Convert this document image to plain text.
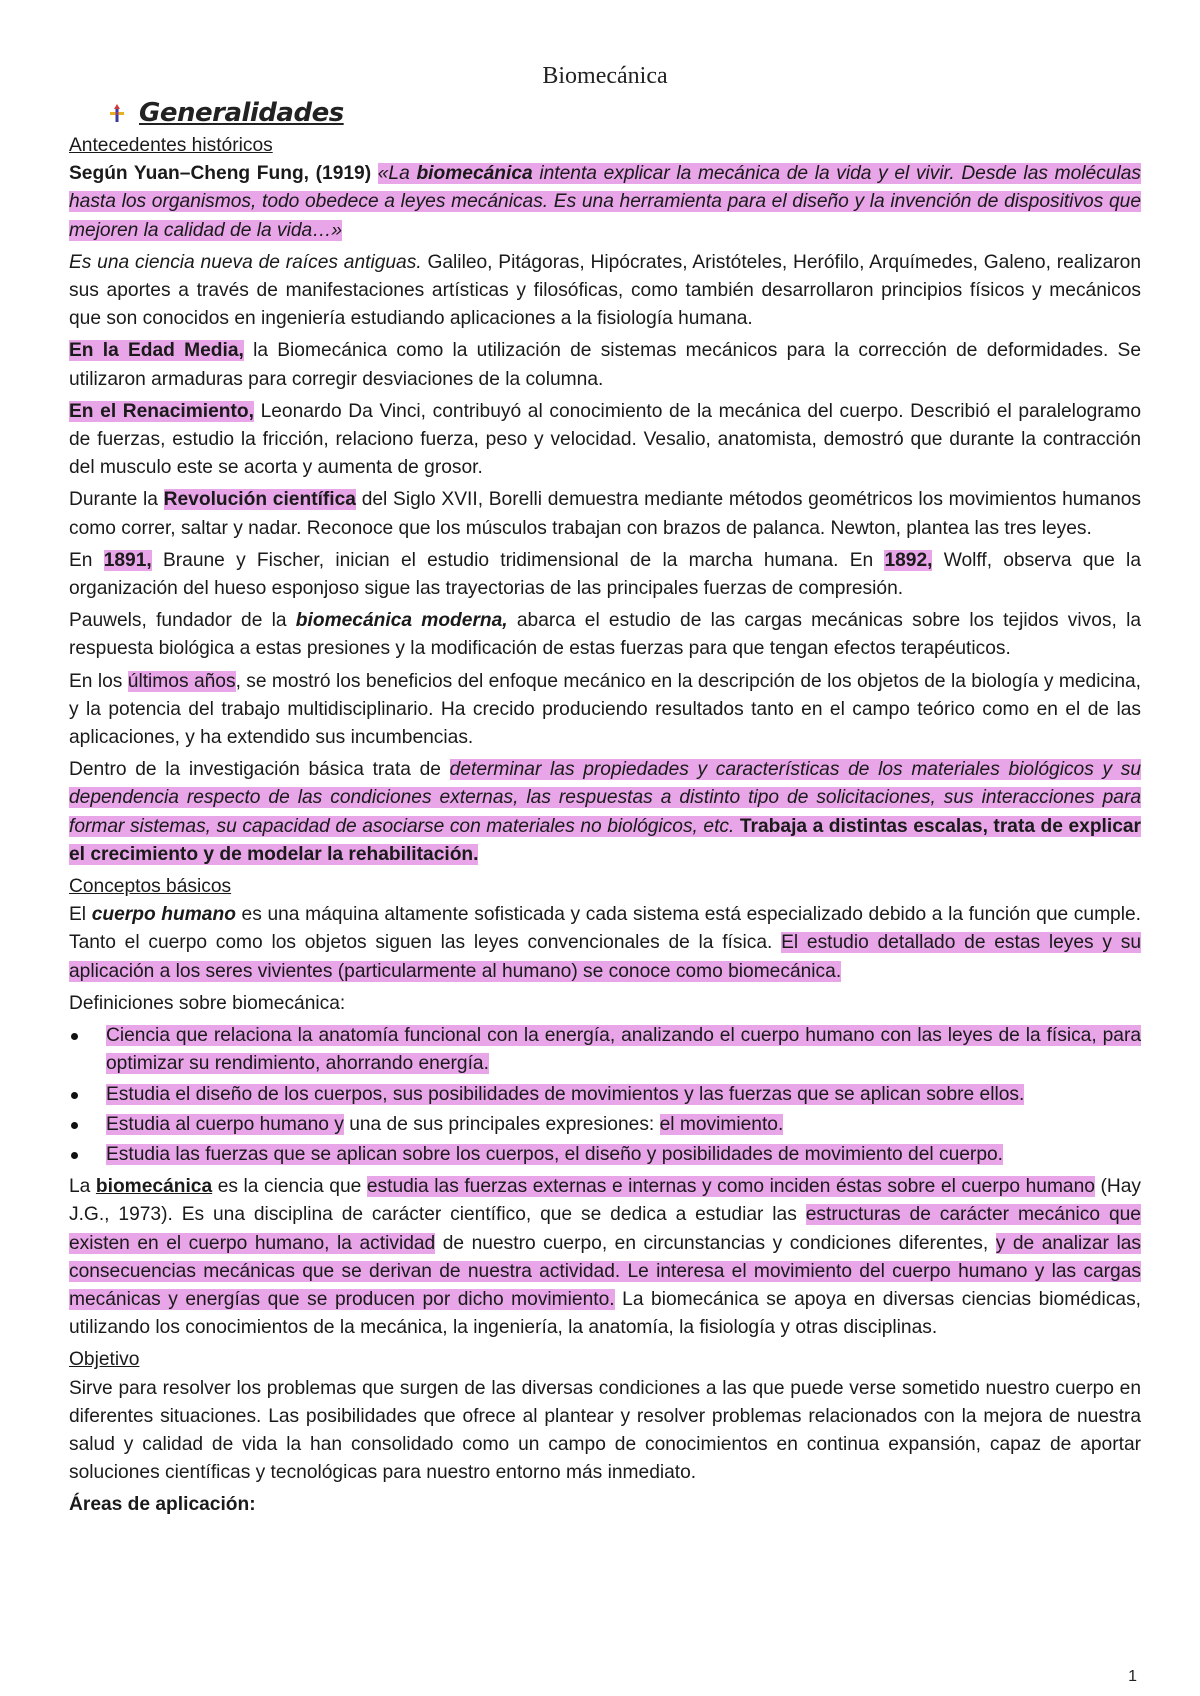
Biomecánica
Generalidades
Antecedentes históricos

Según Yuan–Cheng Fung, (1919) «La biomecánica intenta explicar la mecánica de la vida y el vivir. Desde las moléculas hasta los organismos, todo obedece a leyes mecánicas. Es una herramienta para el diseño y la invención de dispositivos que mejoren la calidad de la vida…»

Es una ciencia nueva de raíces antiguas. Galileo, Pitágoras, Hipócrates, Aristóteles, Herófilo, Arquímedes, Galeno, realizaron sus aportes a través de manifestaciones artísticas y filosóficas, como también desarrollaron principios físicos y mecánicos que son conocidos en ingeniería estudiando aplicaciones a la fisiología humana.

En la Edad Media, la Biomecánica como la utilización de sistemas mecánicos para la corrección de deformidades. Se utilizaron armaduras para corregir desviaciones de la columna.

En el Renacimiento, Leonardo Da Vinci, contribuyó al conocimiento de la mecánica del cuerpo. Describió el paralelogramo de fuerzas, estudio la fricción, relaciono fuerza, peso y velocidad. Vesalio, anatomista, demostró que durante la contracción del musculo este se acorta y aumenta de grosor.

Durante la Revolución científica del Siglo XVII, Borelli demuestra mediante métodos geométricos los movimientos humanos como correr, saltar y nadar. Reconoce que los músculos trabajan con brazos de palanca. Newton, plantea las tres leyes.

En 1891, Braune y Fischer, inician el estudio tridimensional de la marcha humana. En 1892, Wolff, observa que la organización del hueso esponjoso sigue las trayectorias de las principales fuerzas de compresión.

Pauwels, fundador de la biomecánica moderna, abarca el estudio de las cargas mecánicas sobre los tejidos vivos, la respuesta biológica a estas presiones y la modificación de estas fuerzas para que tengan efectos terapéuticos.

En los últimos años, se mostró los beneficios del enfoque mecánico en la descripción de los objetos de la biología y medicina, y la potencia del trabajo multidisciplinario. Ha crecido produciendo resultados tanto en el campo teórico como en el de las aplicaciones, y ha extendido sus incumbencias.

Dentro de la investigación básica trata de determinar las propiedades y características de los materiales biológicos y su dependencia respecto de las condiciones externas, las respuestas a distinto tipo de solicitaciones, sus interacciones para formar sistemas, su capacidad de asociarse con materiales no biológicos, etc. Trabaja a distintas escalas, trata de explicar el crecimiento y de modelar la rehabilitación.

Conceptos básicos

El cuerpo humano es una máquina altamente sofisticada y cada sistema está especializado debido a la función que cumple. Tanto el cuerpo como los objetos siguen las leyes convencionales de la física. El estudio detallado de estas leyes y su aplicación a los seres vivientes (particularmente al humano) se conoce como biomecánica.

Definiciones sobre biomecánica:

Ciencia que relaciona la anatomía funcional con la energía, analizando el cuerpo humano con las leyes de la física, para optimizar su rendimiento, ahorrando energía.
Estudia el diseño de los cuerpos, sus posibilidades de movimientos y las fuerzas que se aplican sobre ellos.
Estudia al cuerpo humano y una de sus principales expresiones: el movimiento.
Estudia las fuerzas que se aplican sobre los cuerpos, el diseño y posibilidades de movimiento del cuerpo.

La biomecánica es la ciencia que estudia las fuerzas externas e internas y como inciden éstas sobre el cuerpo humano (Hay J.G., 1973). Es una disciplina de carácter científico, que se dedica a estudiar las estructuras de carácter mecánico que existen en el cuerpo humano, la actividad de nuestro cuerpo, en circunstancias y condiciones diferentes, y de analizar las consecuencias mecánicas que se derivan de nuestra actividad. Le interesa el movimiento del cuerpo humano y las cargas mecánicas y energías que se producen por dicho movimiento. La biomecánica se apoya en diversas ciencias biomédicas, utilizando los conocimientos de la mecánica, la ingeniería, la anatomía, la fisiología y otras disciplinas.

Objetivo

Sirve para resolver los problemas que surgen de las diversas condiciones a las que puede verse sometido nuestro cuerpo en diferentes situaciones. Las posibilidades que ofrece al plantear y resolver problemas relacionados con la mejora de nuestra salud y calidad de vida la han consolidado como un campo de conocimientos en continua expansión, capaz de aportar soluciones científicas y tecnológicas para nuestro entorno más inmediato.

Áreas de aplicación:
1
